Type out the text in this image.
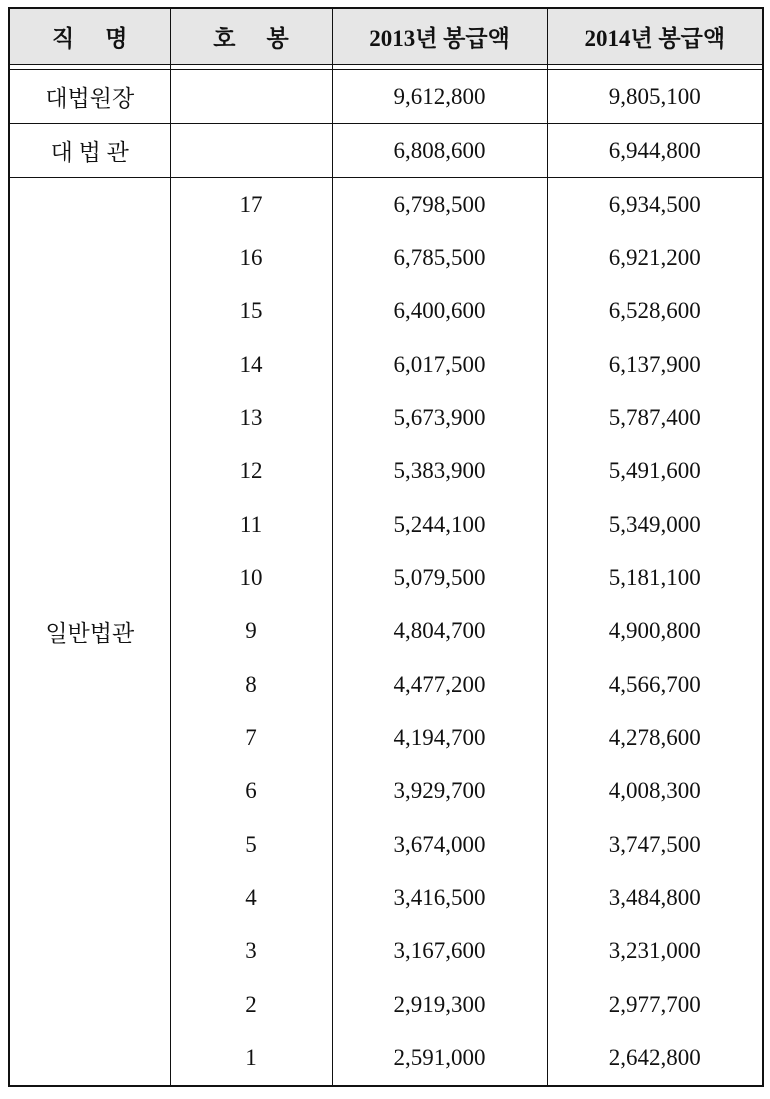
직 명	호 봉	2013년 봉급액	2014년 봉급액

대법원장		9,612,800	9,805,100
대 법 관		6,808,600	6,944,800
일반법관	17	6,798,500	6,934,500
	16	6,785,500	6,921,200
	15	6,400,600	6,528,600
	14	6,017,500	6,137,900
	13	5,673,900	5,787,400
	12	5,383,900	5,491,600
	11	5,244,100	5,349,000
	10	5,079,500	5,181,100
	9	4,804,700	4,900,800
	8	4,477,200	4,566,700
	7	4,194,700	4,278,600
	6	3,929,700	4,008,300
	5	3,674,000	3,747,500
	4	3,416,500	3,484,800
	3	3,167,600	3,231,000
	2	2,919,300	2,977,700
	1	2,591,000	2,642,800
